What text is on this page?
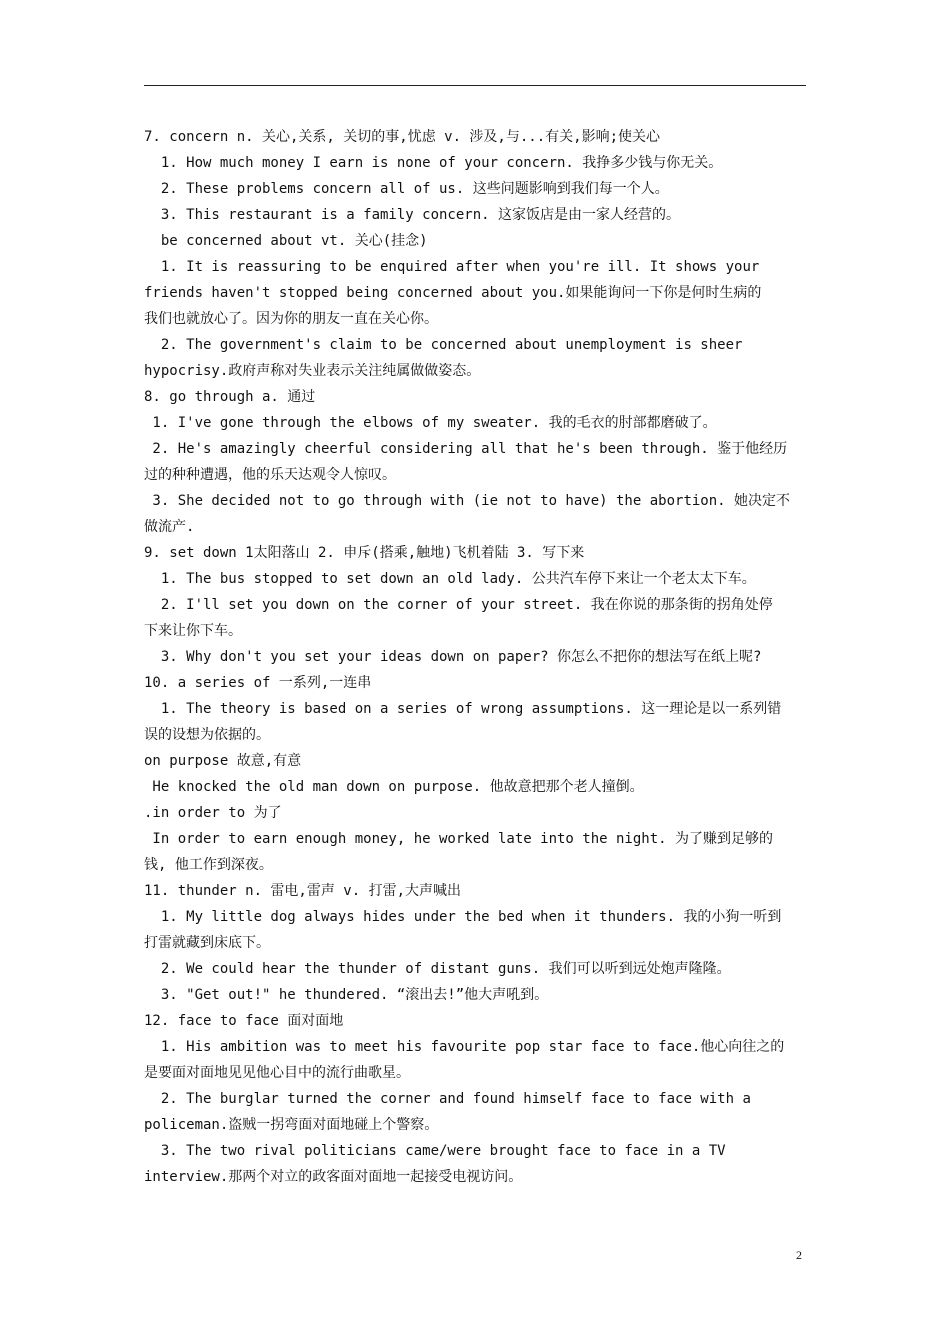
7. concern n. 关心,关系, 关切的事,忧虑 v. 涉及,与...有关,影响;使关心

1. How much money I earn is none of your concern. 我挣多少钱与你无关。

2. These problems concern all of us. 这些问题影响到我们每一个人。

3. This restaurant is a family concern. 这家饭店是由一家人经营的。

be concerned about vt. 关心(挂念)

1. It is reassuring to be enquired after when you're ill. It shows your

friends haven't stopped being concerned about you.如果能询问一下你是何时生病的

我们也就放心了。因为你的朋友一直在关心你。

2. The government's claim to be concerned about unemployment is sheer

hypocrisy.政府声称对失业表示关注纯属做做姿态。

8. go through a. 通过

1. I've gone through the elbows of my sweater. 我的毛衣的肘部都磨破了。

2. He's amazingly cheerful considering all that he's been through. 鉴于他经历

过的种种遭遇，他的乐天达观令人惊叹。

3. She decided not to go through with (ie not to have) the abortion. 她决定不

做流产.

9. set down 1太阳落山 2. 申斥(搭乘,触地)飞机着陆 3. 写下来

1. The bus stopped to set down an old lady. 公共汽车停下来让一个老太太下车。

2. I'll set you down on the corner of your street. 我在你说的那条街的拐角处停

下来让你下车。

3. Why don't you set your ideas down on paper? 你怎么不把你的想法写在纸上呢?

10. a series of 一系列,一连串

1. The theory is based on a series of wrong assumptions. 这一理论是以一系列错

误的设想为依据的。

on purpose 故意,有意

He knocked the old man down on purpose. 他故意把那个老人撞倒。

.in order to 为了

In order to earn enough money, he worked late into the night. 为了赚到足够的

钱, 他工作到深夜。

11. thunder n. 雷电,雷声 v. 打雷,大声喊出

1. My little dog always hides under the bed when it thunders. 我的小狗一听到

打雷就藏到床底下。

2. We could hear the thunder of distant guns. 我们可以听到远处炮声隆隆。

3. "Get out!" he thundered. “滚出去!”他大声吼到。

12. face to face 面对面地

1. His ambition was to meet his favourite pop star face to face.他心向往之的

是要面对面地见见他心目中的流行曲歌星。

2. The burglar turned the corner and found himself face to face with a

policeman.盗贼一拐弯面对面地碰上个警察。

3. The two rival politicians came/were brought face to face in a TV

interview.那两个对立的政客面对面地一起接受电视访问。

2
